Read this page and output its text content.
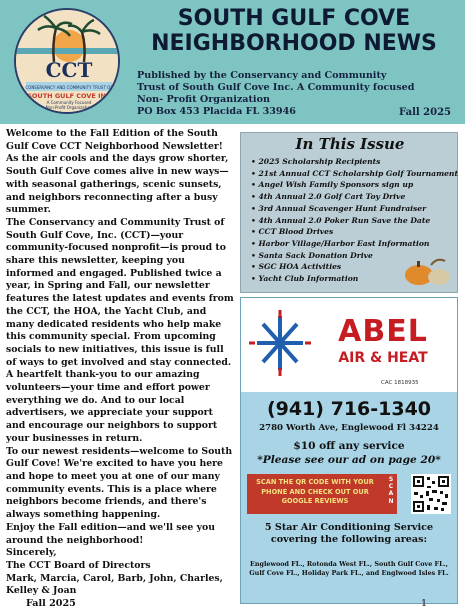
CCT
CONSERVANCY AND COMMUNITY TRUST OF
SOUTH GULF COVE INC
A Community Focused
Non-Profit Organization
SOUTH GULF COVE
NEIGHBORHOOD NEWS
Published by the Conservancy and Community
Trust of South Gulf Cove Inc. A Community focused
Non- Profit Organization
PO Box 453 Placida FL 33946	Fall 2025

Welcome to the Fall Edition of the South Gulf Cove CCT Neighborhood Newsletter!

As the air cools and the days grow shorter, South Gulf Cove comes alive in new ways—with seasonal gatherings, scenic sunsets, and neighbors reconnecting after a busy summer.

The Conservancy and Community Trust of South Gulf Cove, Inc. (CCT)—your community-focused nonprofit—is proud to share this newsletter, keeping you informed and engaged. Published twice a year, in Spring and Fall, our newsletter features the latest updates and events from the CCT, the HOA, the Yacht Club, and many dedicated residents who help make this community special. From upcoming socials to new initiatives, this issue is full of ways to get involved and stay connected.

A heartfelt thank-you to our amazing volunteers—your time and effort power everything we do. And to our local advertisers, we appreciate your support and encourage our neighbors to support your businesses in return.

To our newest residents—welcome to South Gulf Cove! We're excited to have you here and hope to meet you at one of our many community events. This is a place where neighbors become friends, and there's always something happening.

Enjoy the Fall edition—and we'll see you around the neighborhood!

Sincerely,

The CCT Board of Directors

Mark, Marcia, Carol, Barb, John, Charles, Kelley & Joan

In This Issue
• 2025 Scholarship Recipients
• 21st Annual CCT Scholarship Golf Tournament
• Angel Wish Family Sponsors sign up
• 4th Annual 2.0 Golf Cart Toy Drive
• 3rd Annual Scavenger Hunt Fundraiser
• 4th Annual 2.0 Poker Run Save the Date
• CCT Blood Drives
• Harbor Village/Harbor East Information
• Santa Sack Donation Drive
• SGC HOA Activities
• Yacht Club Information
ABEL
AIR & HEAT
CAC 1818935
(941) 716-1340
2780 Worth Ave, Englewood Fl 34224
$10 off any service
*Please see our ad on page 20*
SCAN THE QR CODE WITH YOUR PHONE AND CHECK OUT OUR GOOGLE REVIEWS
S
C
A
N
5 Star Air Conditioning Service covering the following areas:
Englewood FL., Rotonda West FL., South Gulf Cove FL., Gulf Cove FL., Holiday Park FL., and Englwood Isles FL.
Fall 2025	1
